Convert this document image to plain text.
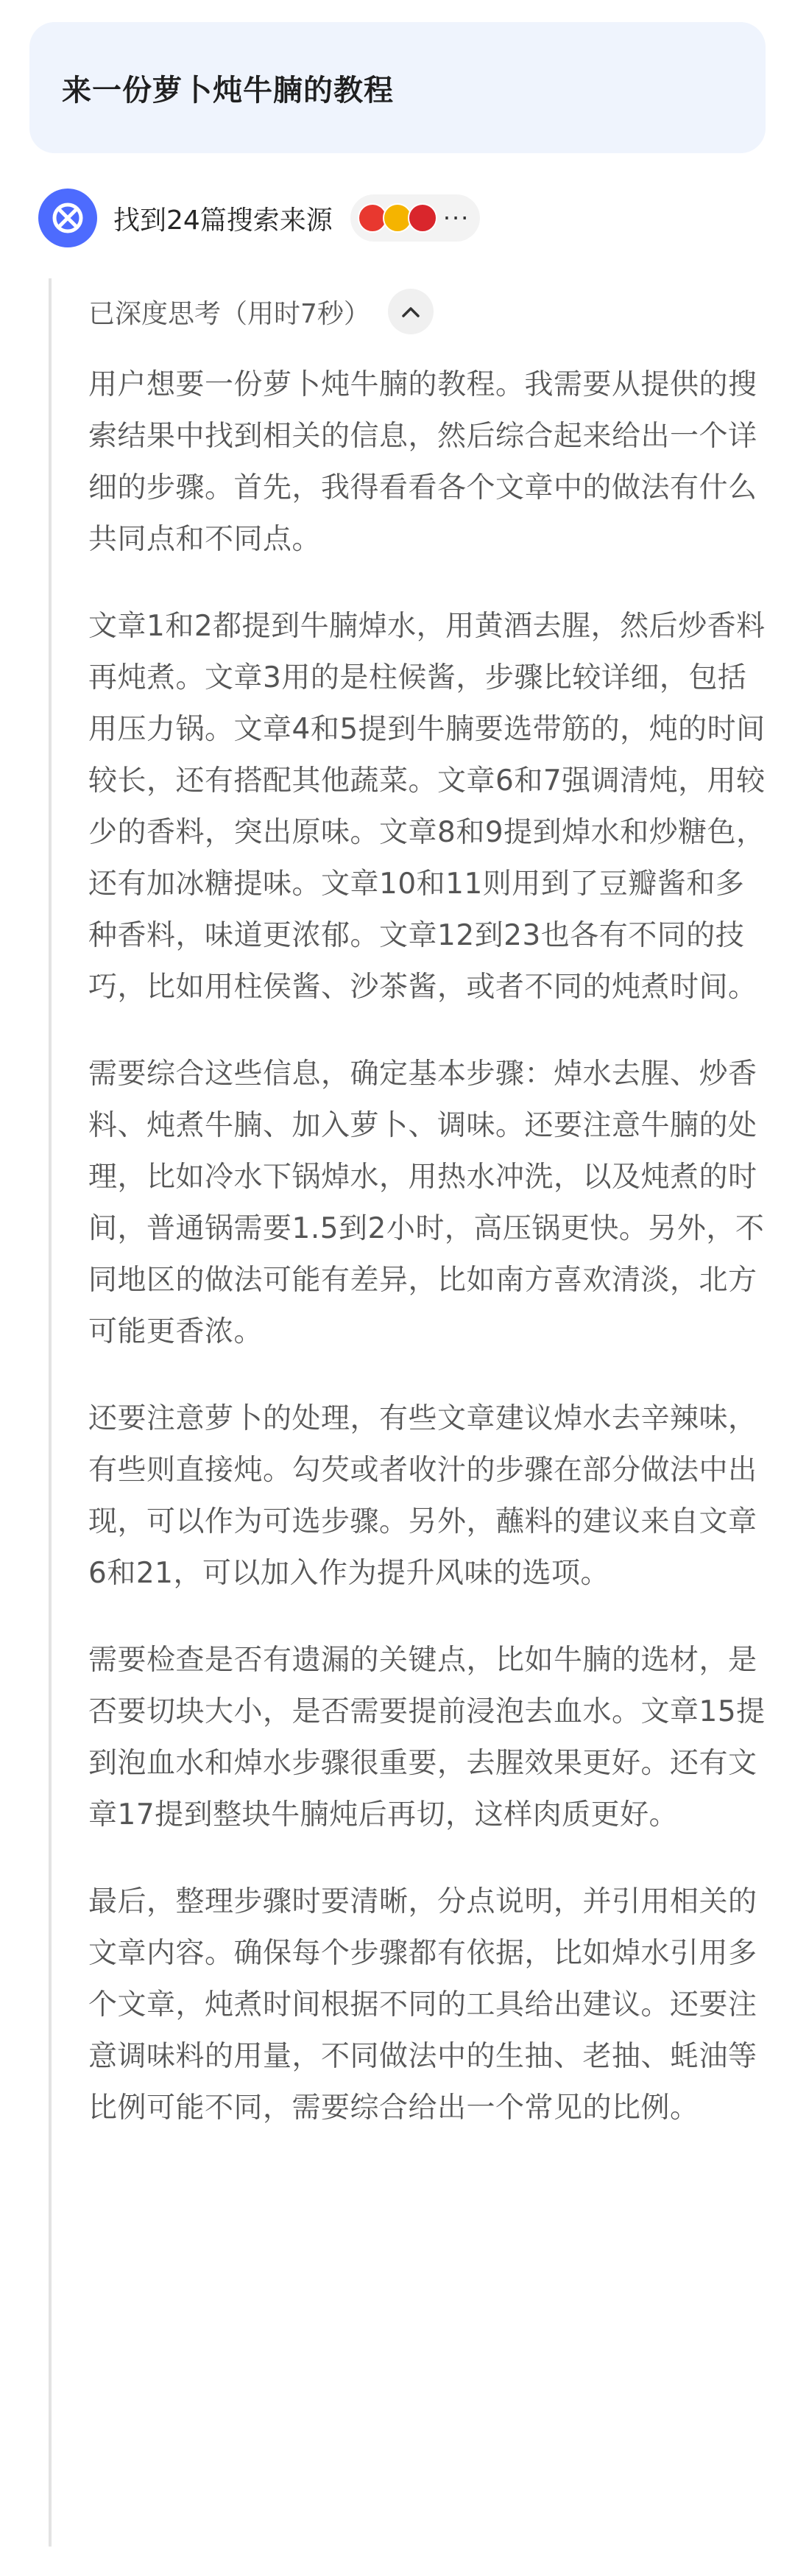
来一份萝卜炖牛腩的教程
找到24篇搜索来源	···
已深度思考（用时7秒）

用户想要一份萝卜炖牛腩的教程。我需要从提供的搜索结果中找到相关的信息，然后综合起来给出一个详细的步骤。首先，我得看看各个文章中的做法有什么共同点和不同点。

文章1和2都提到牛腩焯水，用黄酒去腥，然后炒香料再炖煮。文章3用的是柱候酱，步骤比较详细，包括用压力锅。文章4和5提到牛腩要选带筋的，炖的时间较长，还有搭配其他蔬菜。文章6和7强调清炖，用较少的香料，突出原味。文章8和9提到焯水和炒糖色，还有加冰糖提味。文章10和11则用到了豆瓣酱和多种香料，味道更浓郁。文章12到23也各有不同的技巧，比如用柱侯酱、沙茶酱，或者不同的炖煮时间。

需要综合这些信息，确定基本步骤：焯水去腥、炒香料、炖煮牛腩、加入萝卜、调味。还要注意牛腩的处理，比如冷水下锅焯水，用热水冲洗，以及炖煮的时间，普通锅需要1.5到2小时，高压锅更快。另外，不同地区的做法可能有差异，比如南方喜欢清淡，北方可能更香浓。

还要注意萝卜的处理，有些文章建议焯水去辛辣味，有些则直接炖。勾芡或者收汁的步骤在部分做法中出现，可以作为可选步骤。另外，蘸料的建议来自文章6和21，可以加入作为提升风味的选项。

需要检查是否有遗漏的关键点，比如牛腩的选材，是否要切块大小，是否需要提前浸泡去血水。文章15提到泡血水和焯水步骤很重要，去腥效果更好。还有文章17提到整块牛腩炖后再切，这样肉质更好。

最后，整理步骤时要清晰，分点说明，并引用相关的文章内容。确保每个步骤都有依据，比如焯水引用多个文章，炖煮时间根据不同的工具给出建议。还要注意调味料的用量，不同做法中的生抽、老抽、蚝油等比例可能不同，需要综合给出一个常见的比例。
